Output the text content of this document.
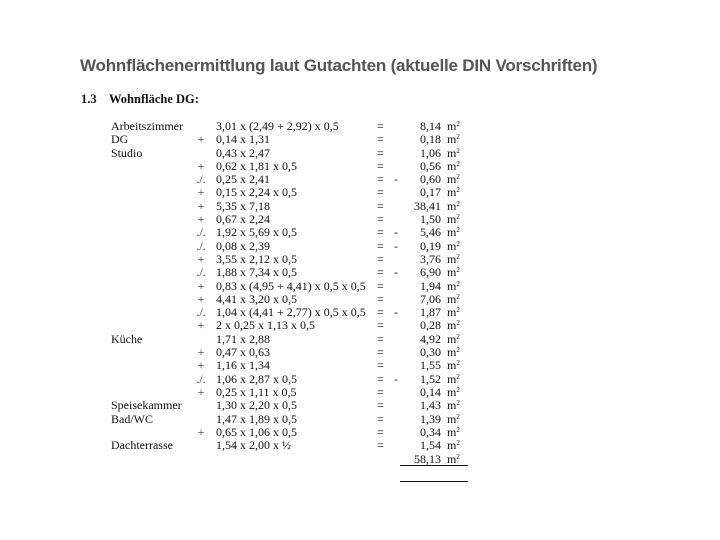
Wohnflächenermittlung laut Gutachten (aktuelle DIN Vorschriften)
1.3 Wohnfläche DG:
Arbeitszimmer	3,01 x (2,49 + 2,92) x 0,5	=	8,14 $m^2$
DG	+ 0,14 x 1,31	=	0,18 $m^2$
Studio	0,43 x 2,47	=	1,06 $m^2$
+ 0,62 x 1,81 x 0,5	=	0,56 $m^2$
./. 0,25 x 2,41	= - 0,60 $m^2$
+ 0,15 x 2,24 x 0,5	=	0,17 $m^2$
+ 5,35 x 7,18	=	38,41 $m^2$
+ 0,67 x 2,24	=	1,50 $m^2$
./. 1,92 x 5,69 x 0,5	= - 5,46 $m^2$
./. 0,08 x 2,39	= - 0,19 $m^2$
+ 3,55 x 2,12 x 0,5	=	3,76 $m^2$
./. 1,88 x 7,34 x 0,5	= - 6,90 $m^2$
+ 0,83 x (4,95 + 4,41) x 0,5 x 0,5 =	1,94 $m^2$
+ 4,41 x 3,20 x 0,5	=	7,06 $m^2$
./. 1,04 x (4,41 + 2,77) x 0,5 x 0,5 = - 1,87 $m^2$
+ 2 x 0,25 x 1,13 x 0,5	=	0,28 $m^2$
Küche	1,71 x 2,88	=	4,92 $m^2$
+ 0,47 x 0,63	=	0,30 $m^2$
+ 1,16 x 1,34	=	1,55 $m^2$
./. 1,06 x 2,87 x 0,5	= - 1,52 $m^2$
+ 0,25 x 1,11 x 0,5	=	0,14 $m^2$
Speisekammer	1,30 x 2,20 x 0,5	=	1,43 $m^2$
Bad/WC	1,47 x 1,89 x 0,5	=	1,39 $m^2$
+ 0,65 x 1,06 x 0,5	=	0,34 $m^2$
Dachterrasse	1,54 x 2,00 x ½	=	1,54 $m^2$
58,13 $m^2$
